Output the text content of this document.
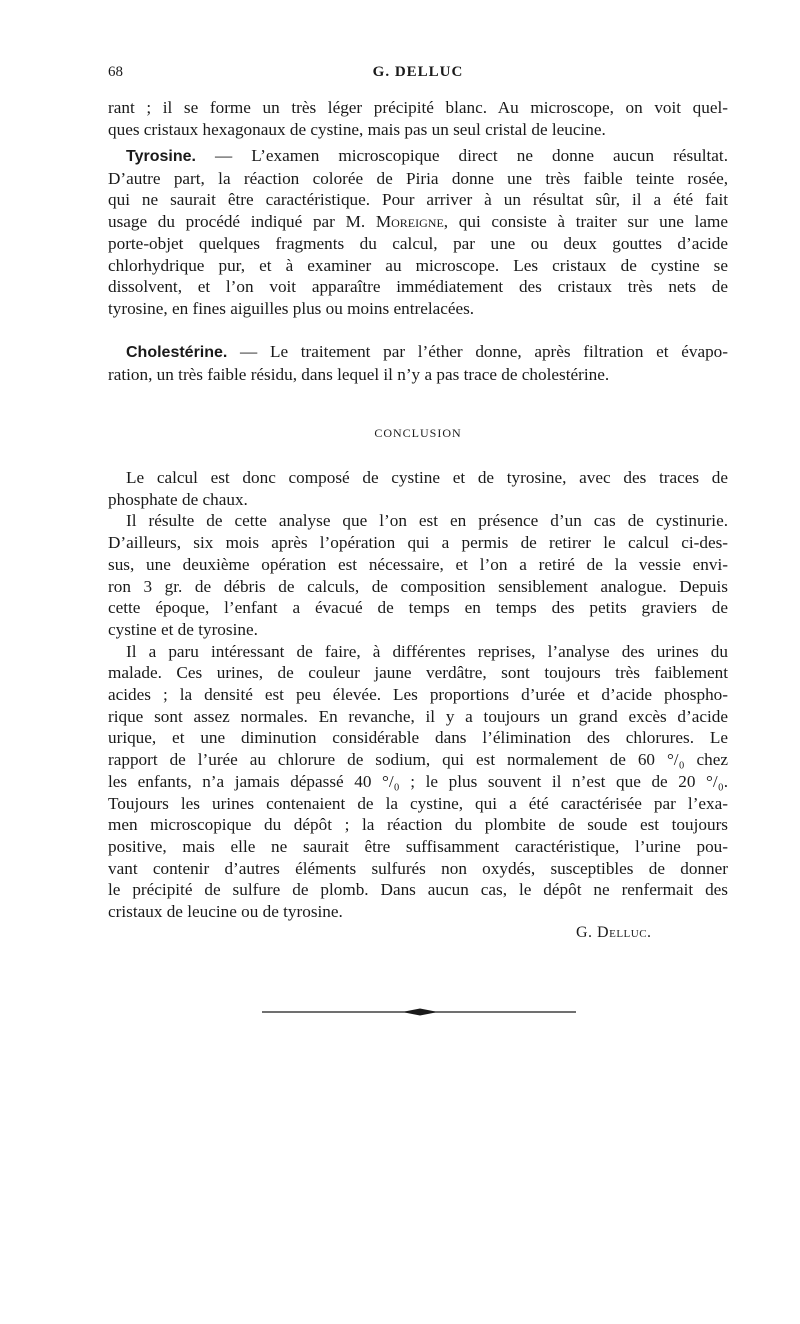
68	G. DELLUC
rant ; il se forme un très léger précipité blanc. Au microscope, on voit quel-
ques cristaux hexagonaux de cystine, mais pas un seul cristal de leucine.
Tyrosine. — L’examen microscopique direct ne donne aucun résultat.
D’autre part, la réaction colorée de Piria donne une très faible teinte rosée,
qui ne saurait être caractéristique. Pour arriver à un résultat sûr, il a été fait
usage du procédé indiqué par M. Moreigne, qui consiste à traiter sur une lame
porte-objet quelques fragments du calcul, par une ou deux gouttes d’acide
chlorhydrique pur, et à examiner au microscope. Les cristaux de cystine se
dissolvent, et l’on voit apparaître immédiatement des cristaux très nets de
tyrosine, en fines aiguilles plus ou moins entrelacées.
Cholestérine. — Le traitement par l’éther donne, après filtration et évapo-
ration, un très faible résidu, dans lequel il n’y a pas trace de cholestérine.
CONCLUSION
Le calcul est donc composé de cystine et de tyrosine, avec des traces de
phosphate de chaux.
Il résulte de cette analyse que l’on est en présence d’un cas de cystinurie.
D’ailleurs, six mois après l’opération qui a permis de retirer le calcul ci-des-
sus, une deuxième opération est nécessaire, et l’on a retiré de la vessie envi-
ron 3 gr. de débris de calculs, de composition sensiblement analogue. Depuis
cette époque, l’enfant a évacué de temps en temps des petits graviers de
cystine et de tyrosine.
Il a paru intéressant de faire, à différentes reprises, l’analyse des urines du
malade. Ces urines, de couleur jaune verdâtre, sont toujours très faiblement
acides ; la densité est peu élevée. Les proportions d’urée et d’acide phospho-
rique sont assez normales. En revanche, il y a toujours un grand excès d’acide
urique, et une diminution considérable dans l’élimination des chlorures. Le
rapport de l’urée au chlorure de sodium, qui est normalement de 60 °/₀ chez
les enfants, n’a jamais dépassé 40 °/₀ ; le plus souvent il n’est que de 20 °/₀.
Toujours les urines contenaient de la cystine, qui a été caractérisée par l’exa-
men microscopique du dépôt ; la réaction du plombite de soude est toujours
positive, mais elle ne saurait être suffisamment caractéristique, l’urine pou-
vant contenir d’autres éléments sulfurés non oxydés, susceptibles de donner
le précipité de sulfure de plomb. Dans aucun cas, le dépôt ne renfermait des
cristaux de leucine ou de tyrosine.
G. Delluc.
